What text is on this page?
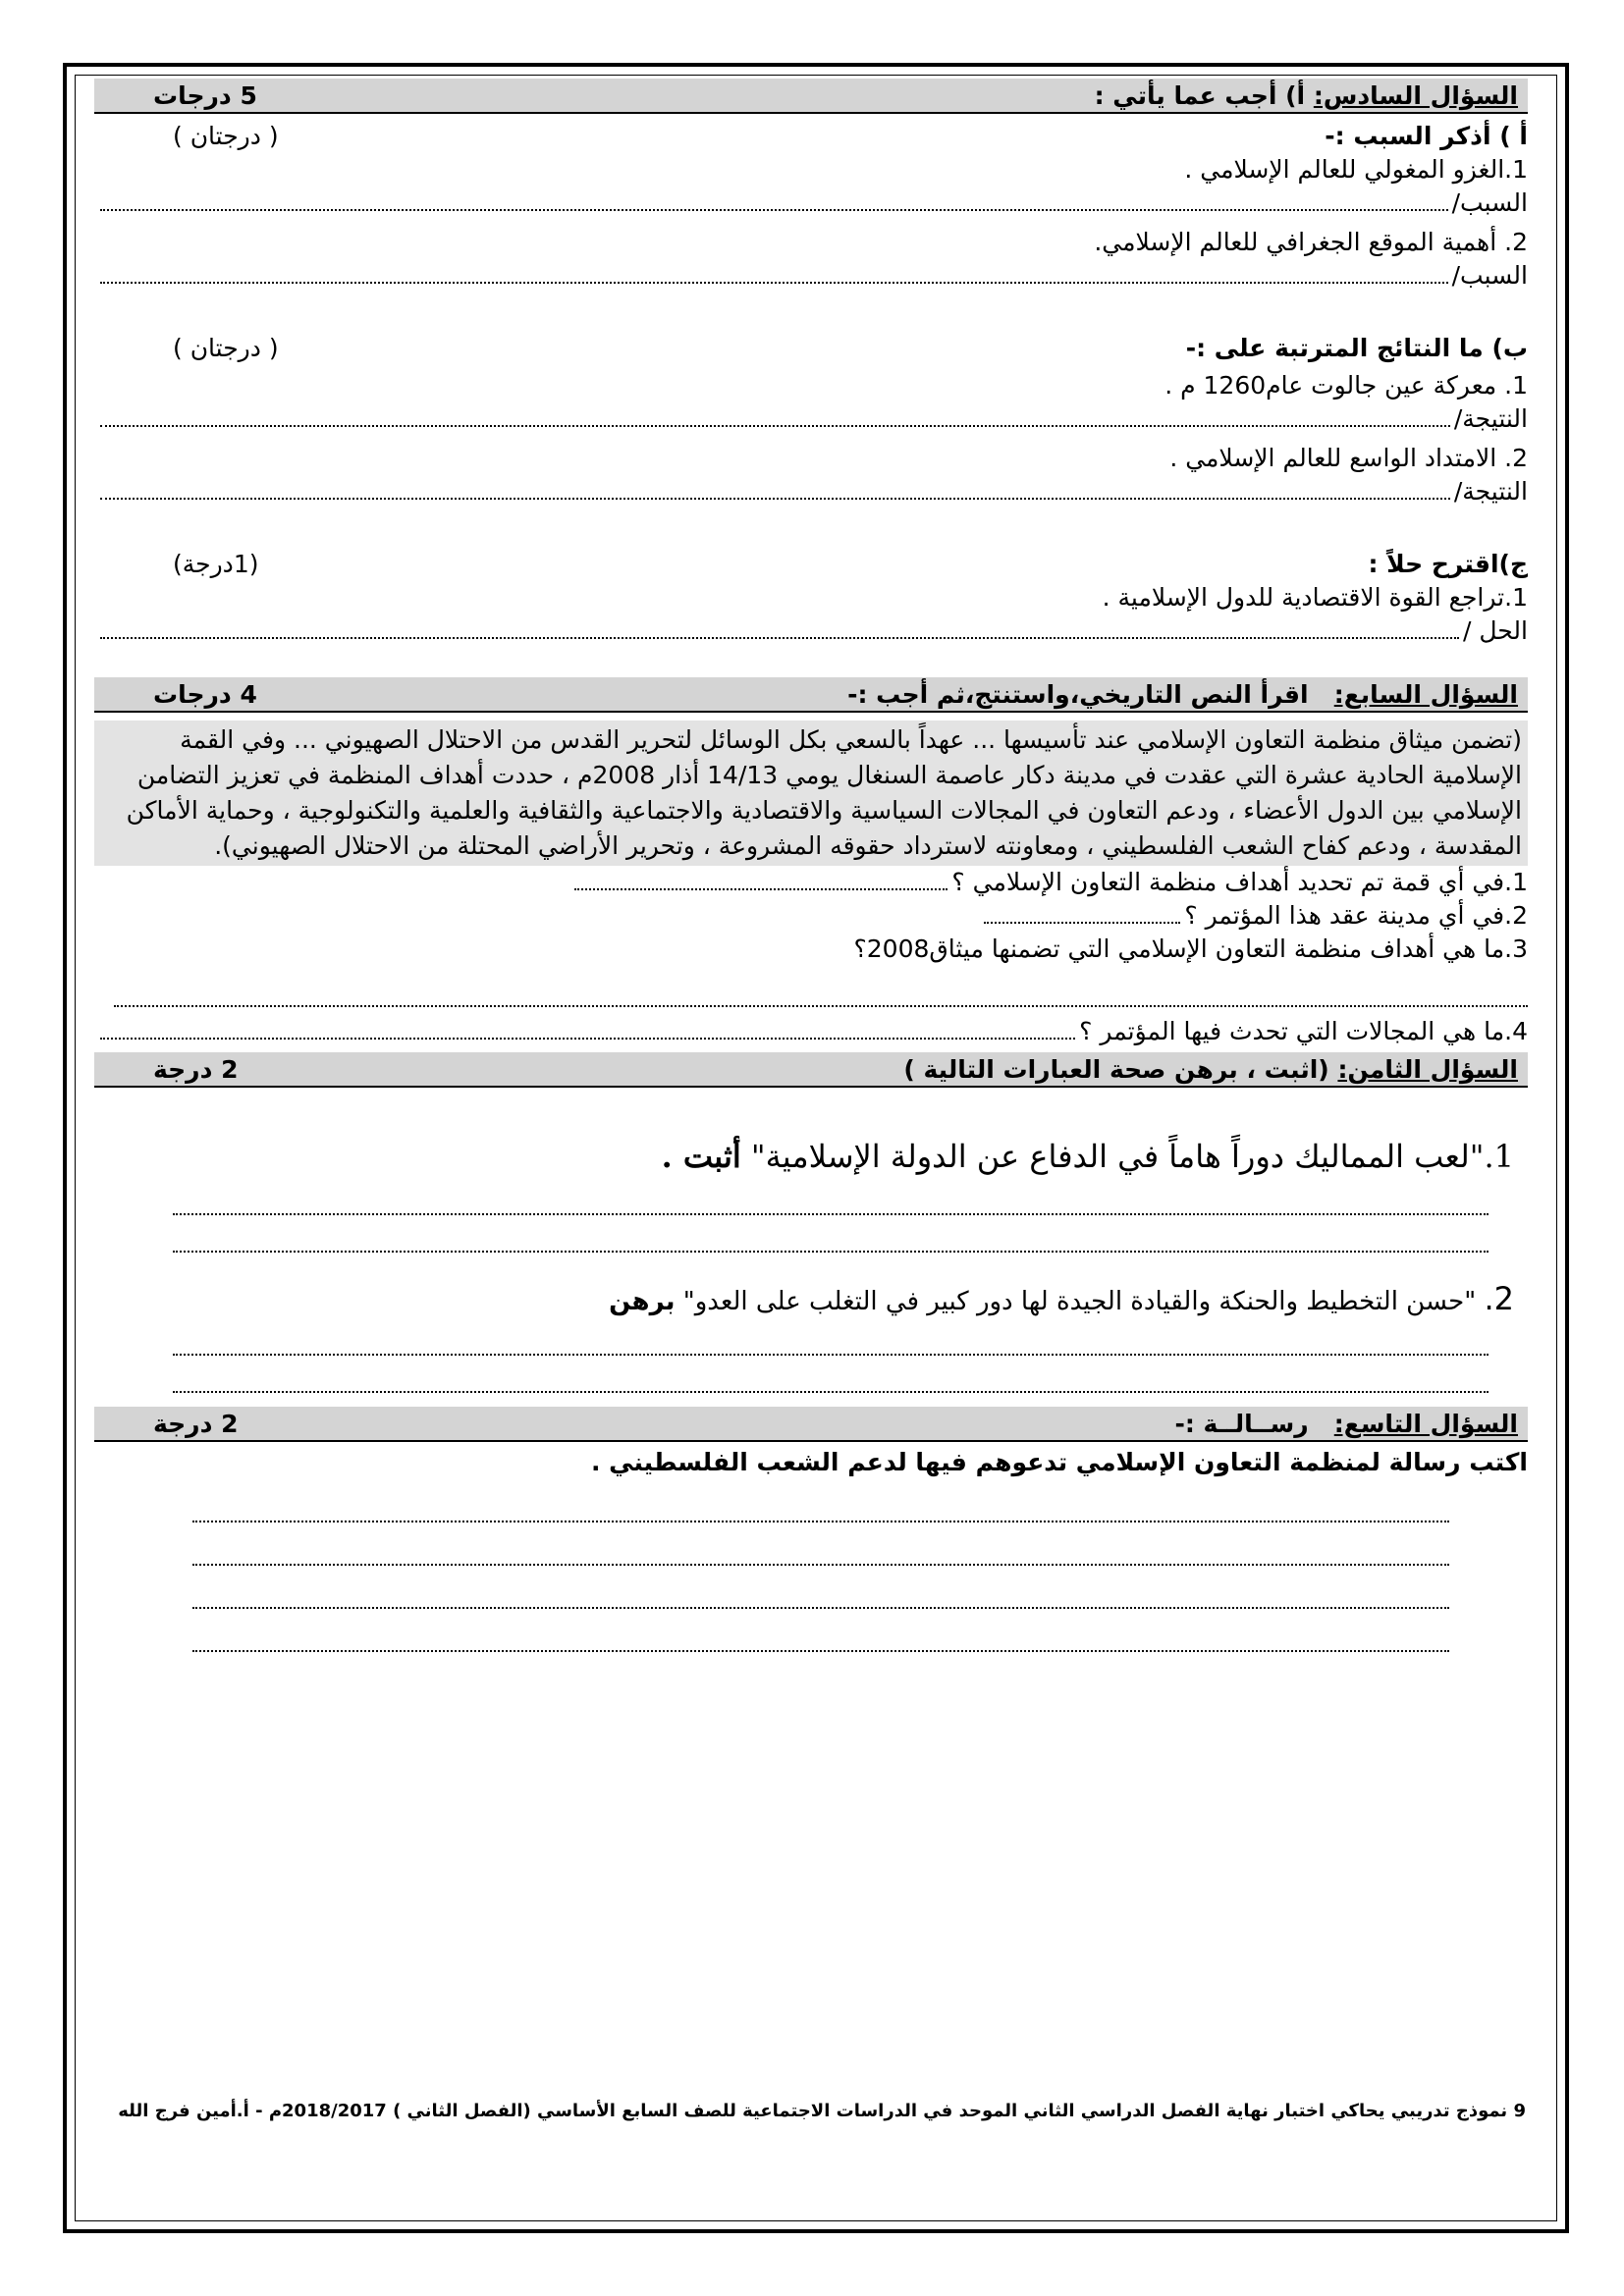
السؤال السادس: أ) أجب عما يأتي :
5 درجات
أ ) أذكر السبب :-
( درجتان )
1.الغزو المغولي للعالم الإسلامي .
السبب/
2. أهمية الموقع الجغرافي للعالم الإسلامي.
السبب/
ب) ما النتائج المترتبة على :-
( درجتان )
1. معركة عين جالوت عام1260 م .
النتيجة/
2. الامتداد الواسع للعالم الإسلامي .
النتيجة/
ج)اقترح حلاً :
(1درجة)
1.تراجع القوة الاقتصادية للدول الإسلامية .
الحل /
السؤال السابع:   اقرأ النص التاريخي،واستنتج،ثم أجب :-
4 درجات
(تضمن ميثاق منظمة التعاون الإسلامي عند تأسيسها ... عهداً بالسعي بكل الوسائل لتحرير القدس من الاحتلال الصهيوني ... وفي القمة الإسلامية الحادية عشرة التي عقدت في مدينة دكار عاصمة السنغال يومي 14/13 أذار 2008م ، حددت أهداف المنظمة في تعزيز التضامن الإسلامي بين الدول الأعضاء ، ودعم التعاون في المجالات السياسية والاقتصادية والاجتماعية والثقافية والعلمية والتكنولوجية ، وحماية الأماكن المقدسة ، ودعم كفاح الشعب الفلسطيني ، ومعاونته لاسترداد حقوقه المشروعة ، وتحرير الأراضي المحتلة من الاحتلال الصهيوني).
1.في أي قمة تم تحديد أهداف منظمة التعاون الإسلامي ؟
2.في أي مدينة عقد هذا المؤتمر ؟
3.ما هي أهداف منظمة التعاون الإسلامي التي تضمنها ميثاق2008؟
4.ما هي المجالات التي تحدث فيها المؤتمر ؟
السؤال الثامن: (اثبت ، برهن صحة العبارات التالية )
2 درجة
1."لعب المماليك دوراً هاماً في الدفاع عن الدولة الإسلامية" أثبت .
2. "حسن التخطيط والحنكة والقيادة الجيدة لها دور كبير في التغلب على العدو" برهن
السؤال التاسع:   رســالــة :-
2 درجة
اكتب رسالة لمنظمة التعاون الإسلامي تدعوهم فيها لدعم الشعب الفلسطيني .
9 نموذج تدريبي يحاكي اختبار نهاية الفصل الدراسي الثاني الموحد في الدراسات الاجتماعية للصف السابع الأساسي (الفصل الثاني ) 2018/2017م - أ.أمين فرج الله
